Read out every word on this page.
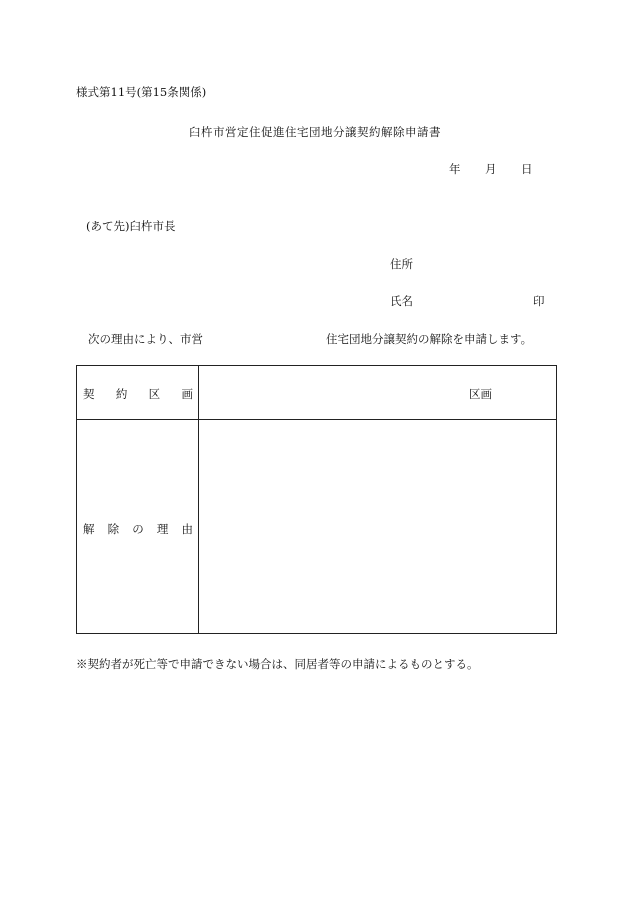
様式第11号(第15条関係)
臼杵市営定住促進住宅団地分譲契約解除申請書
年 月 日
(あて先)臼杵市長
住所
氏名	印
次の理由により、市営	住宅団地分譲契約の解除を申請します。
契 約 区 画	区画
解 除 の 理 由
※契約者が死亡等で申請できない場合は、同居者等の申請によるものとする。
